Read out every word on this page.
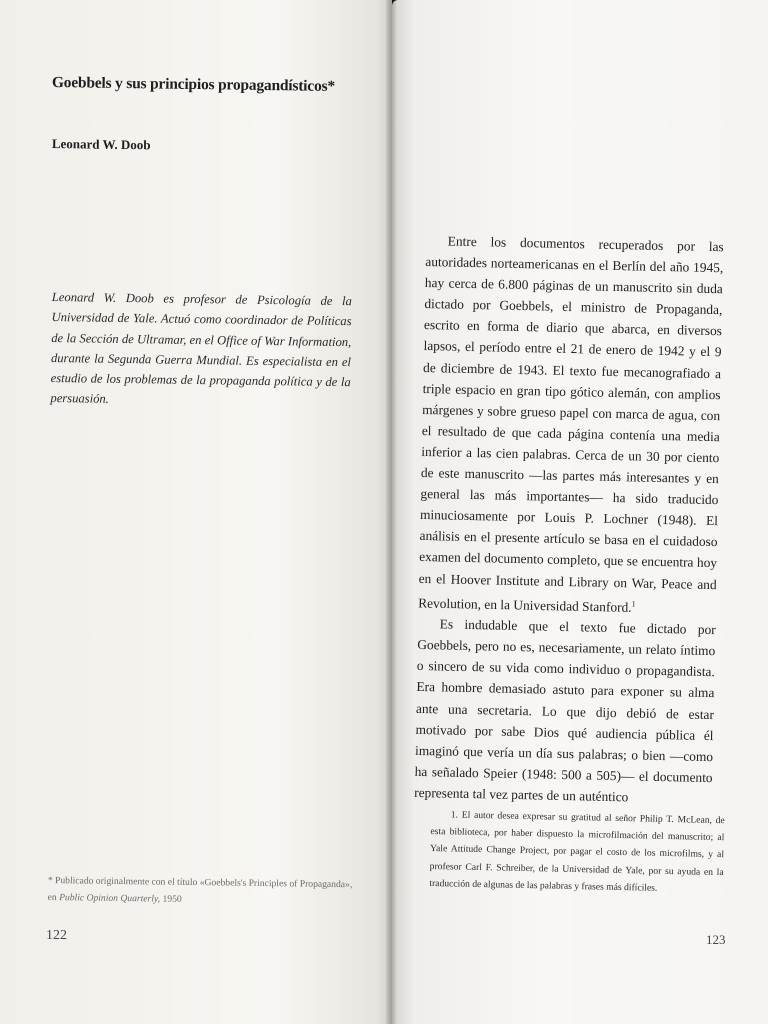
Goebbels y sus principios propagandísticos*
Leonard W. Doob
Leonard W. Doob es profesor de Psicología de la Universidad de Yale. Actuó como coordinador de Políticas de la Sección de Ultramar, en el Office of War Information, durante la Segunda Guerra Mundial. Es especialista en el estudio de los problemas de la propaganda política y de la persuasión.
* Publicado originalmente con el título «Goebbels's Principles of Propaganda», en Public Opinion Quarterly, 1950
122

Entre los documentos recuperados por las autoridades norteamericanas en el Berlín del año 1945, hay cerca de 6.800 páginas de un manuscrito sin duda dictado por Goebbels, el ministro de Propaganda, escrito en forma de diario que abarca, en diversos lapsos, el período entre el 21 de enero de 1942 y el 9 de diciembre de 1943. El texto fue mecanografiado a triple espacio en gran tipo gótico alemán, con amplios márgenes y sobre grueso papel con marca de agua, con el resultado de que cada página contenía una media inferior a las cien palabras. Cerca de un 30 por ciento de este manuscrito —las partes más interesantes y en general las más importantes— ha sido traducido minuciosamente por Louis P. Lochner (1948). El análisis en el presente artículo se basa en el cuidadoso examen del documento completo, que se encuentra hoy en el Hoover Institute and Library on War, Peace and Revolution, en la Universidad Stanford.$^1$

Es indudable que el texto fue dictado por Goebbels, pero no es, necesariamente, un relato íntimo o sincero de su vida como individuo o propagandista. Era hombre demasiado astuto para exponer su alma ante una secretaria. Lo que dijo debió de estar motivado por sabe Dios qué audiencia pública él imaginó que vería un día sus palabras; o bien —como ha señalado Speier (1948: 500 a 505)— el documento representa tal vez partes de un auténtico

1. El autor desea expresar su gratitud al señor Philip T. McLean, de esta biblioteca, por haber dispuesto la microfilmación del manuscrito; al Yale Attitude Change Project, por pagar el costo de los microfilms, y al profesor Carl F. Schreiber, de la Universidad de Yale, por su ayuda en la traducción de algunas de las palabras y frases más difíciles.

123
